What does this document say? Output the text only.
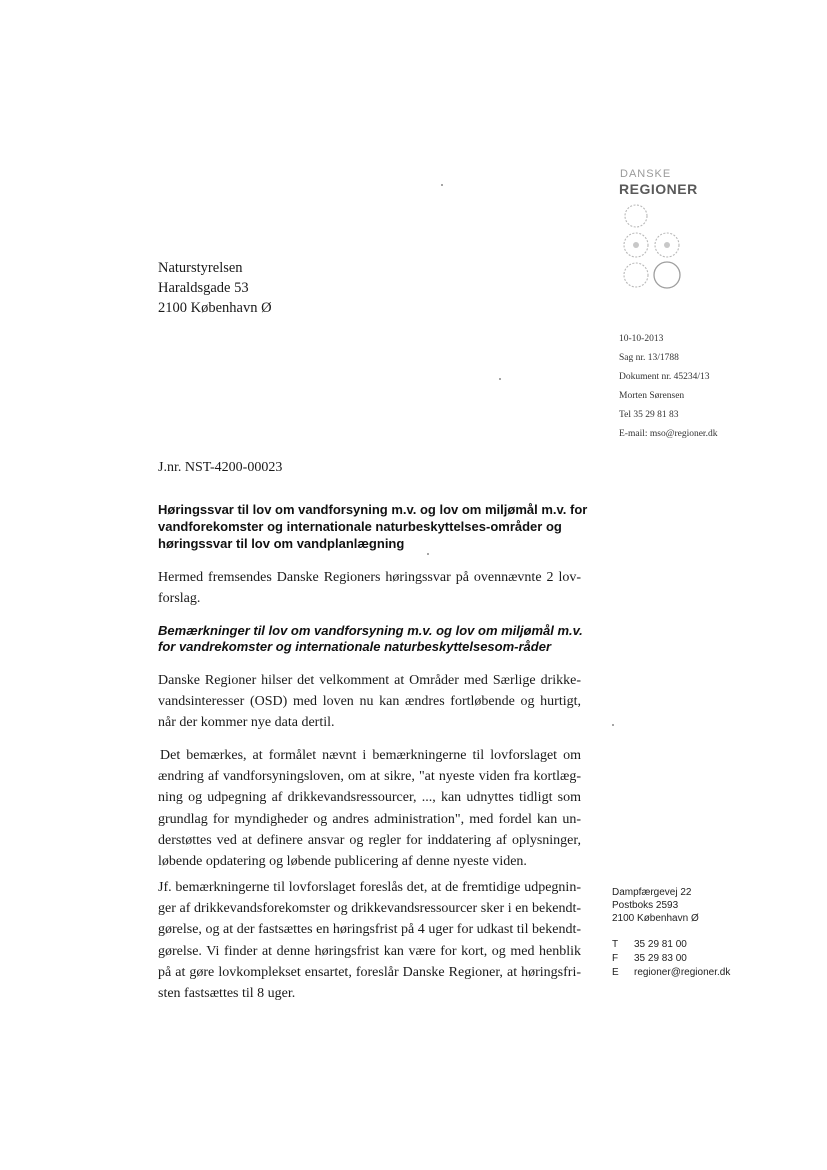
DANSKE
REGIONER
Naturstyrelsen
Haraldsgade 53
2100 København Ø
10-10-2013
Sag nr. 13/1788
Dokument nr. 45234/13
Morten Sørensen
Tel 35 29 81 83
E-mail: mso@regioner.dk
J.nr. NST-4200-00023
Høringssvar til lov om vandforsyning m.v. og lov om miljømål m.v. for vandforekomster og internationale naturbeskyttelses-områder og høringssvar til lov om vandplanlægning
Hermed fremsendes Danske Regioners høringssvar på ovennævnte 2 lov-forslag.
Bemærkninger til lov om vandforsyning m.v. og lov om miljømål m.v. for vandrekomster og internationale naturbeskyttelsesom-råder
Danske Regioner hilser det velkomment at Områder med Særlige drikke-vandsinteresser (OSD) med loven nu kan ændres fortløbende og hurtigt, når der kommer nye data dertil.
Det bemærkes, at formålet nævnt i bemærkningerne til lovforslaget om ændring af vandforsyningsloven, om at sikre, "at nyeste viden fra kortlæg-ning og udpegning af drikkevandsressourcer, ..., kan udnyttes tidligt som grundlag for myndigheder og andres administration", med fordel kan un-derstøttes ved at definere ansvar og regler for inddatering af oplysninger, løbende opdatering og løbende publicering af denne nyeste viden.
Jf. bemærkningerne til lovforslaget foreslås det, at de fremtidige udpegnin-ger af drikkevandsforekomster og drikkevandsressourcer sker i en bekendt-gørelse, og at der fastsættes en høringsfrist på 4 uger for udkast til bekendt-gørelse. Vi finder at denne høringsfrist kan være for kort, og med henblik på at gøre lovkomplekset ensartet, foreslår Danske Regioner, at høringsfri-sten fastsættes til 8 uger.
Dampfærgevej 22
Postboks 2593
2100 København Ø
T 35 29 81 00
F 35 29 83 00
E regioner@regioner.dk
